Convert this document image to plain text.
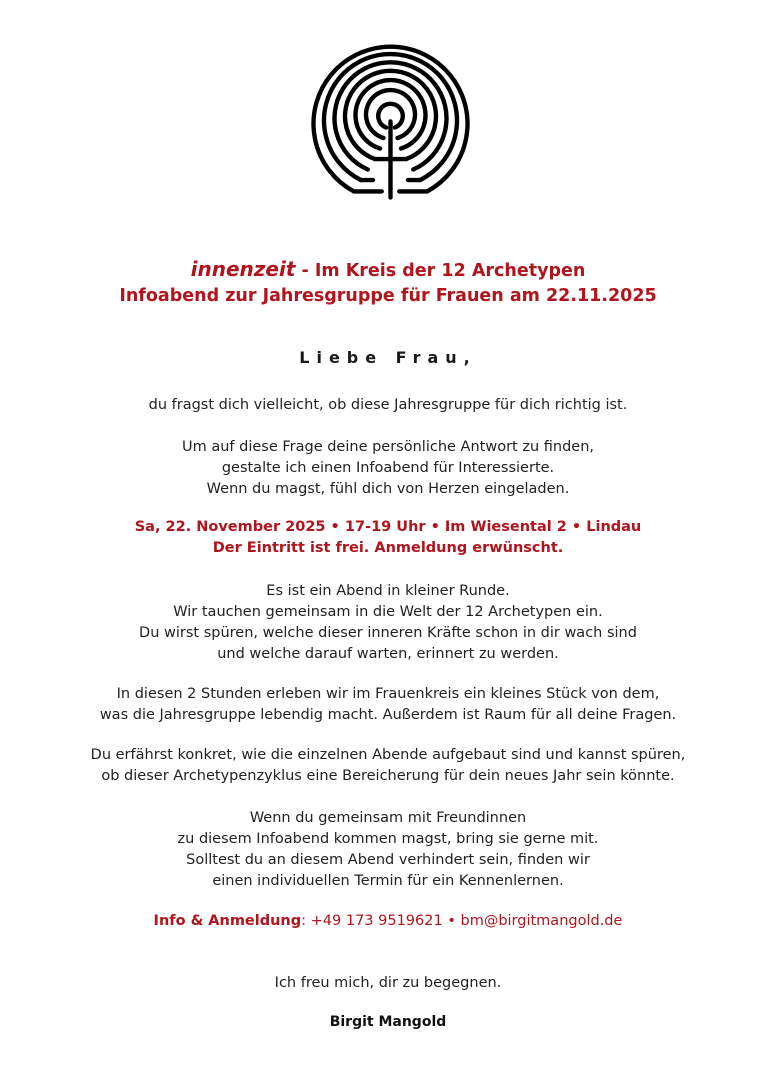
innenzeit - Im Kreis der 12 Archetypen
Infoabend zur Jahresgruppe für Frauen am 22.11.2025
Liebe Frau,
du fragst dich vielleicht, ob diese Jahresgruppe für dich richtig ist.
Um auf diese Frage deine persönliche Antwort zu finden,
gestalte ich einen Infoabend für Interessierte.
Wenn du magst, fühl dich von Herzen eingeladen.
Sa, 22. November 2025 • 17-19 Uhr • Im Wiesental 2 • Lindau
Der Eintritt ist frei. Anmeldung erwünscht.
Es ist ein Abend in kleiner Runde.
Wir tauchen gemeinsam in die Welt der 12 Archetypen ein.
Du wirst spüren, welche dieser inneren Kräfte schon in dir wach sind
und welche darauf warten, erinnert zu werden.
In diesen 2 Stunden erleben wir im Frauenkreis ein kleines Stück von dem,
was die Jahresgruppe lebendig macht. Außerdem ist Raum für all deine Fragen.
Du erfährst konkret, wie die einzelnen Abende aufgebaut sind und kannst spüren,
ob dieser Archetypenzyklus eine Bereicherung für dein neues Jahr sein könnte.
Wenn du gemeinsam mit Freundinnen
zu diesem Infoabend kommen magst, bring sie gerne mit.
Solltest du an diesem Abend verhindert sein, finden wir
einen individuellen Termin für ein Kennenlernen.
Info & Anmeldung: +49 173 9519621 • bm@birgitmangold.de
Ich freu mich, dir zu begegnen.
Birgit Mangold
